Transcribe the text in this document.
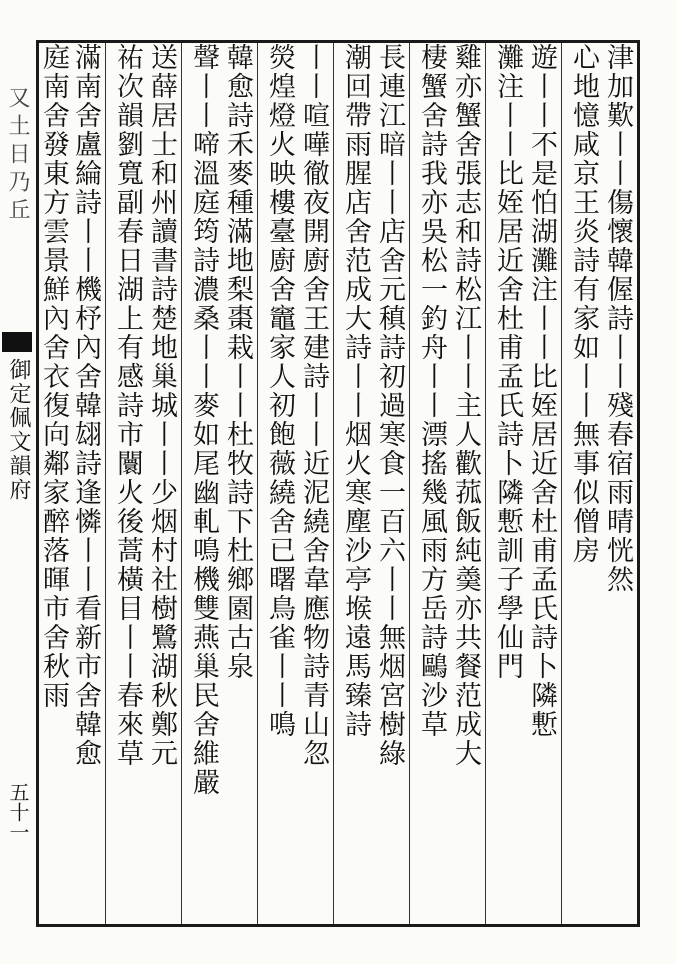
又土日乃丘
御定佩文韻府
五十一
津加歎丨丨傷懷韓偓詩丨丨殘春宿雨晴恍然
心地憶咸京王炎詩有家如丨丨無事似僧房
遊丨丨不是怕湖灘注丨丨比姪居近舍杜甫孟氏詩卜隣慙
灘注丨丨比姪居近舍杜甫孟氏詩卜隣慙訓子學仙門
雞亦蟹舍張志和詩松江丨丨主人歡菰飯純羮亦共餐范成大
棲蟹舍詩我亦吳松一釣舟丨丨漂搖幾風雨方岳詩鷗沙草
長連江暗丨丨店舍元稹詩初過寒食一百六丨丨無烟宮樹綠
潮回帶雨腥店舍范成大詩丨丨烟火寒塵沙亭堠遠馬臻詩
丨丨喧嘩徹夜開廚舍王建詩丨丨近泥繞舍韋應物詩青山忽
熒煌燈火映樓臺廚舍竈家人初飽薇繞舍已曙鳥雀丨丨鳴
韓愈詩禾麥種滿地梨棗栽丨丨杜牧詩下杜鄉園古泉
聲丨丨啼溫庭筠詩濃桑丨丨麥如尾幽軋鳴機雙燕巢民舍維嚴
送薛居士和州讀書詩楚地巢城丨丨少烟村社樹鷺湖秋鄭元
祐次韻劉寬副春日湖上有感詩市闤火後蒿橫目丨丨春來草
滿南舍盧綸詩丨丨機杼內舍韓翃詩逢憐丨丨看新市舍韓愈
庭南舍發東方雲景鮮內舍衣復向鄰家醉落暉市舍秋雨
